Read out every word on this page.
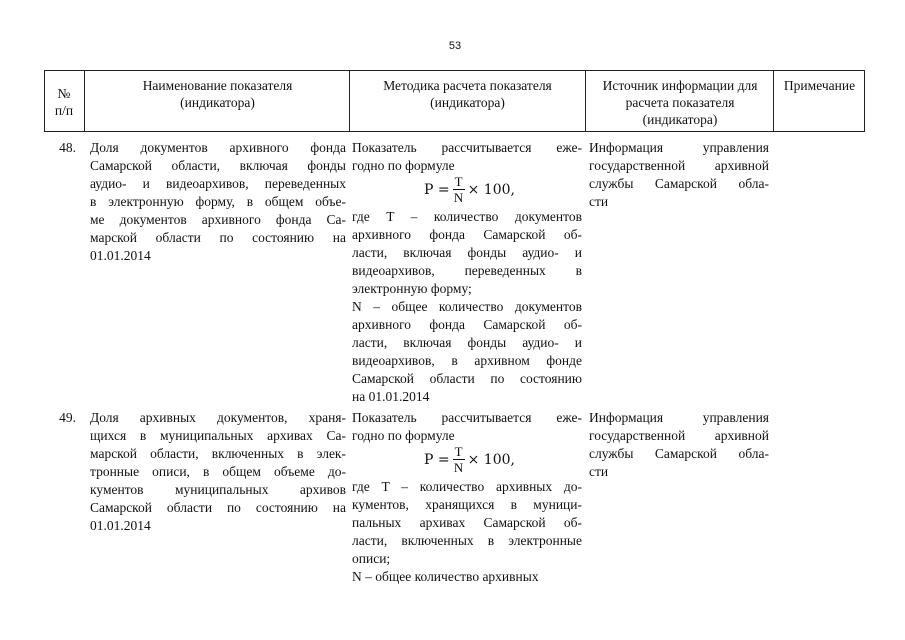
53
№
п/п
Наименование показателя (индикатора)
Методика расчета показателя (индикатора)
Источник информации для расчета показателя (индикатора)
Примечание
48. Доля документов архивного фонда
Самарской области, включая фонды
аудио- и видеоархивов, переведенных
в электронную форму, в общем объе-
ме документов архивного фонда Са-
марской области по состоянию на
01.01.2014
Показатель рассчитывается еже-
годно по формуле
$P = \frac{T}{N} \times 100$,
где T – количество документов
архивного фонда Самарской об-
ласти, включая фонды аудио- и
видеоархивов, переведенных в
электронную форму;
N – общее количество документов
архивного фонда Самарской об-
ласти, включая фонды аудио- и
видеоархивов, в архивном фонде
Самарской области по состоянию
на 01.01.2014
Информация управления
государственной архивной
службы Самарской обла-
сти
49. Доля архивных документов, храня-
щихся в муниципальных архивах Са-
марской области, включенных в элек-
тронные описи, в общем объеме до-
кументов муниципальных архивов
Самарской области по состоянию на
01.01.2014
Показатель рассчитывается еже-
годно по формуле
$P = \frac{T}{N} \times 100$,
где T – количество архивных до-
кументов, хранящихся в муници-
пальных архивах Самарской об-
ласти, включенных в электронные
описи;
N – общее количество архивных
Информация управления
государственной архивной
службы Самарской обла-
сти
